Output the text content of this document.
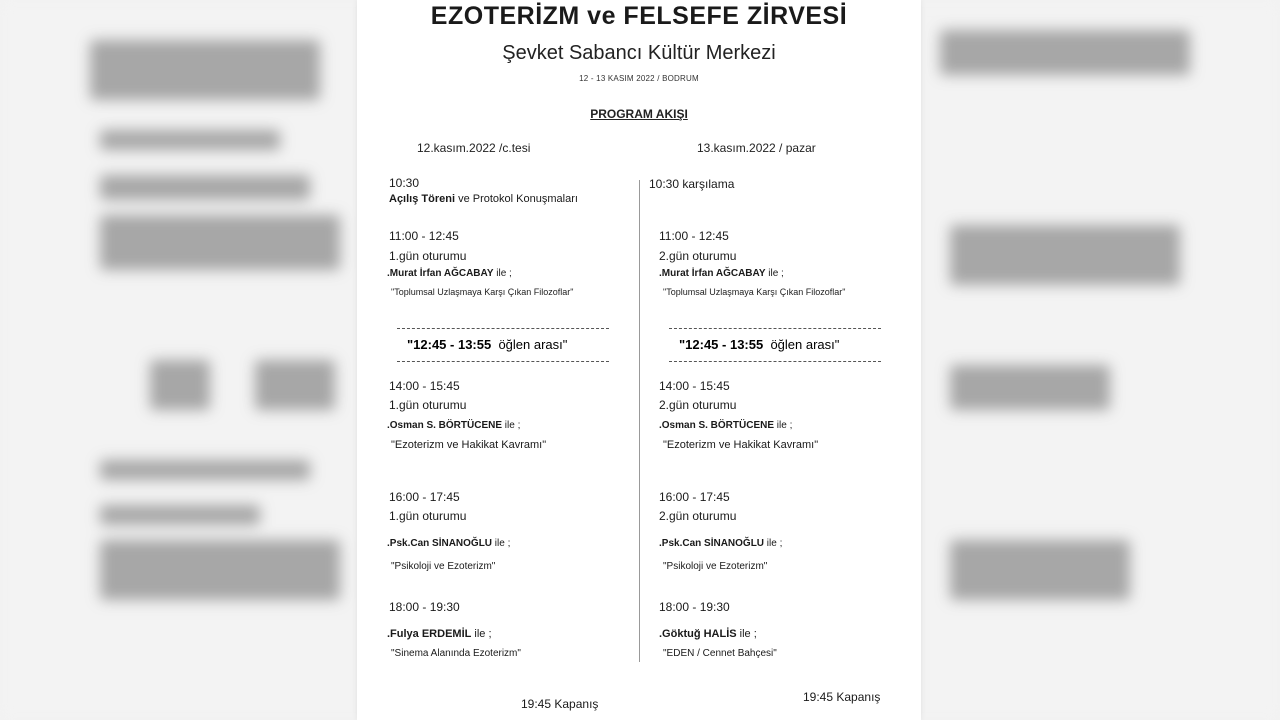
EZOTERİZM ve FELSEFE ZİRVESİ
Şevket Sabancı Kültür Merkezi
12 - 13 KASIM 2022 / BODRUM
PROGRAM AKIŞI
12.kasım.2022 /c.tesi	13.kasım.2022 / pazar
10:30
Açılış Töreni ve Protokol Konuşmaları
11:00 - 12:45
1.gün oturumu
.Murat İrfan AĞCABAY ile ;
"Toplumsal Uzlaşmaya Karşı Çıkan Filozoflar"
"12:45 - 13:55 öğlen arası"
14:00 - 15:45
1.gün oturumu
.Osman S. BÖRTÜCENE ile ;
"Ezoterizm ve Hakikat Kavramı"
16:00 - 17:45
1.gün oturumu
.Psk.Can SİNANOĞLU ile ;
"Psikoloji ve Ezoterizm"
18:00 - 19:30
.Fulya ERDEMİL ile ;
"Sinema Alanında Ezoterizm"
19:45 Kapanış
10:30 karşılama
11:00 - 12:45
2.gün oturumu
.Murat İrfan AĞCABAY ile ;
"Toplumsal Uzlaşmaya Karşı Çıkan Filozoflar"
"12:45 - 13:55 öğlen arası"
14:00 - 15:45
2.gün oturumu
.Osman S. BÖRTÜCENE ile ;
"Ezoterizm ve Hakikat Kavramı"
16:00 - 17:45
2.gün oturumu
.Psk.Can SİNANOĞLU ile ;
"Psikoloji ve Ezoterizm"
18:00 - 19:30
.Göktuğ HALİS ile ;
"EDEN / Cennet Bahçesi"
19:45 Kapanış
